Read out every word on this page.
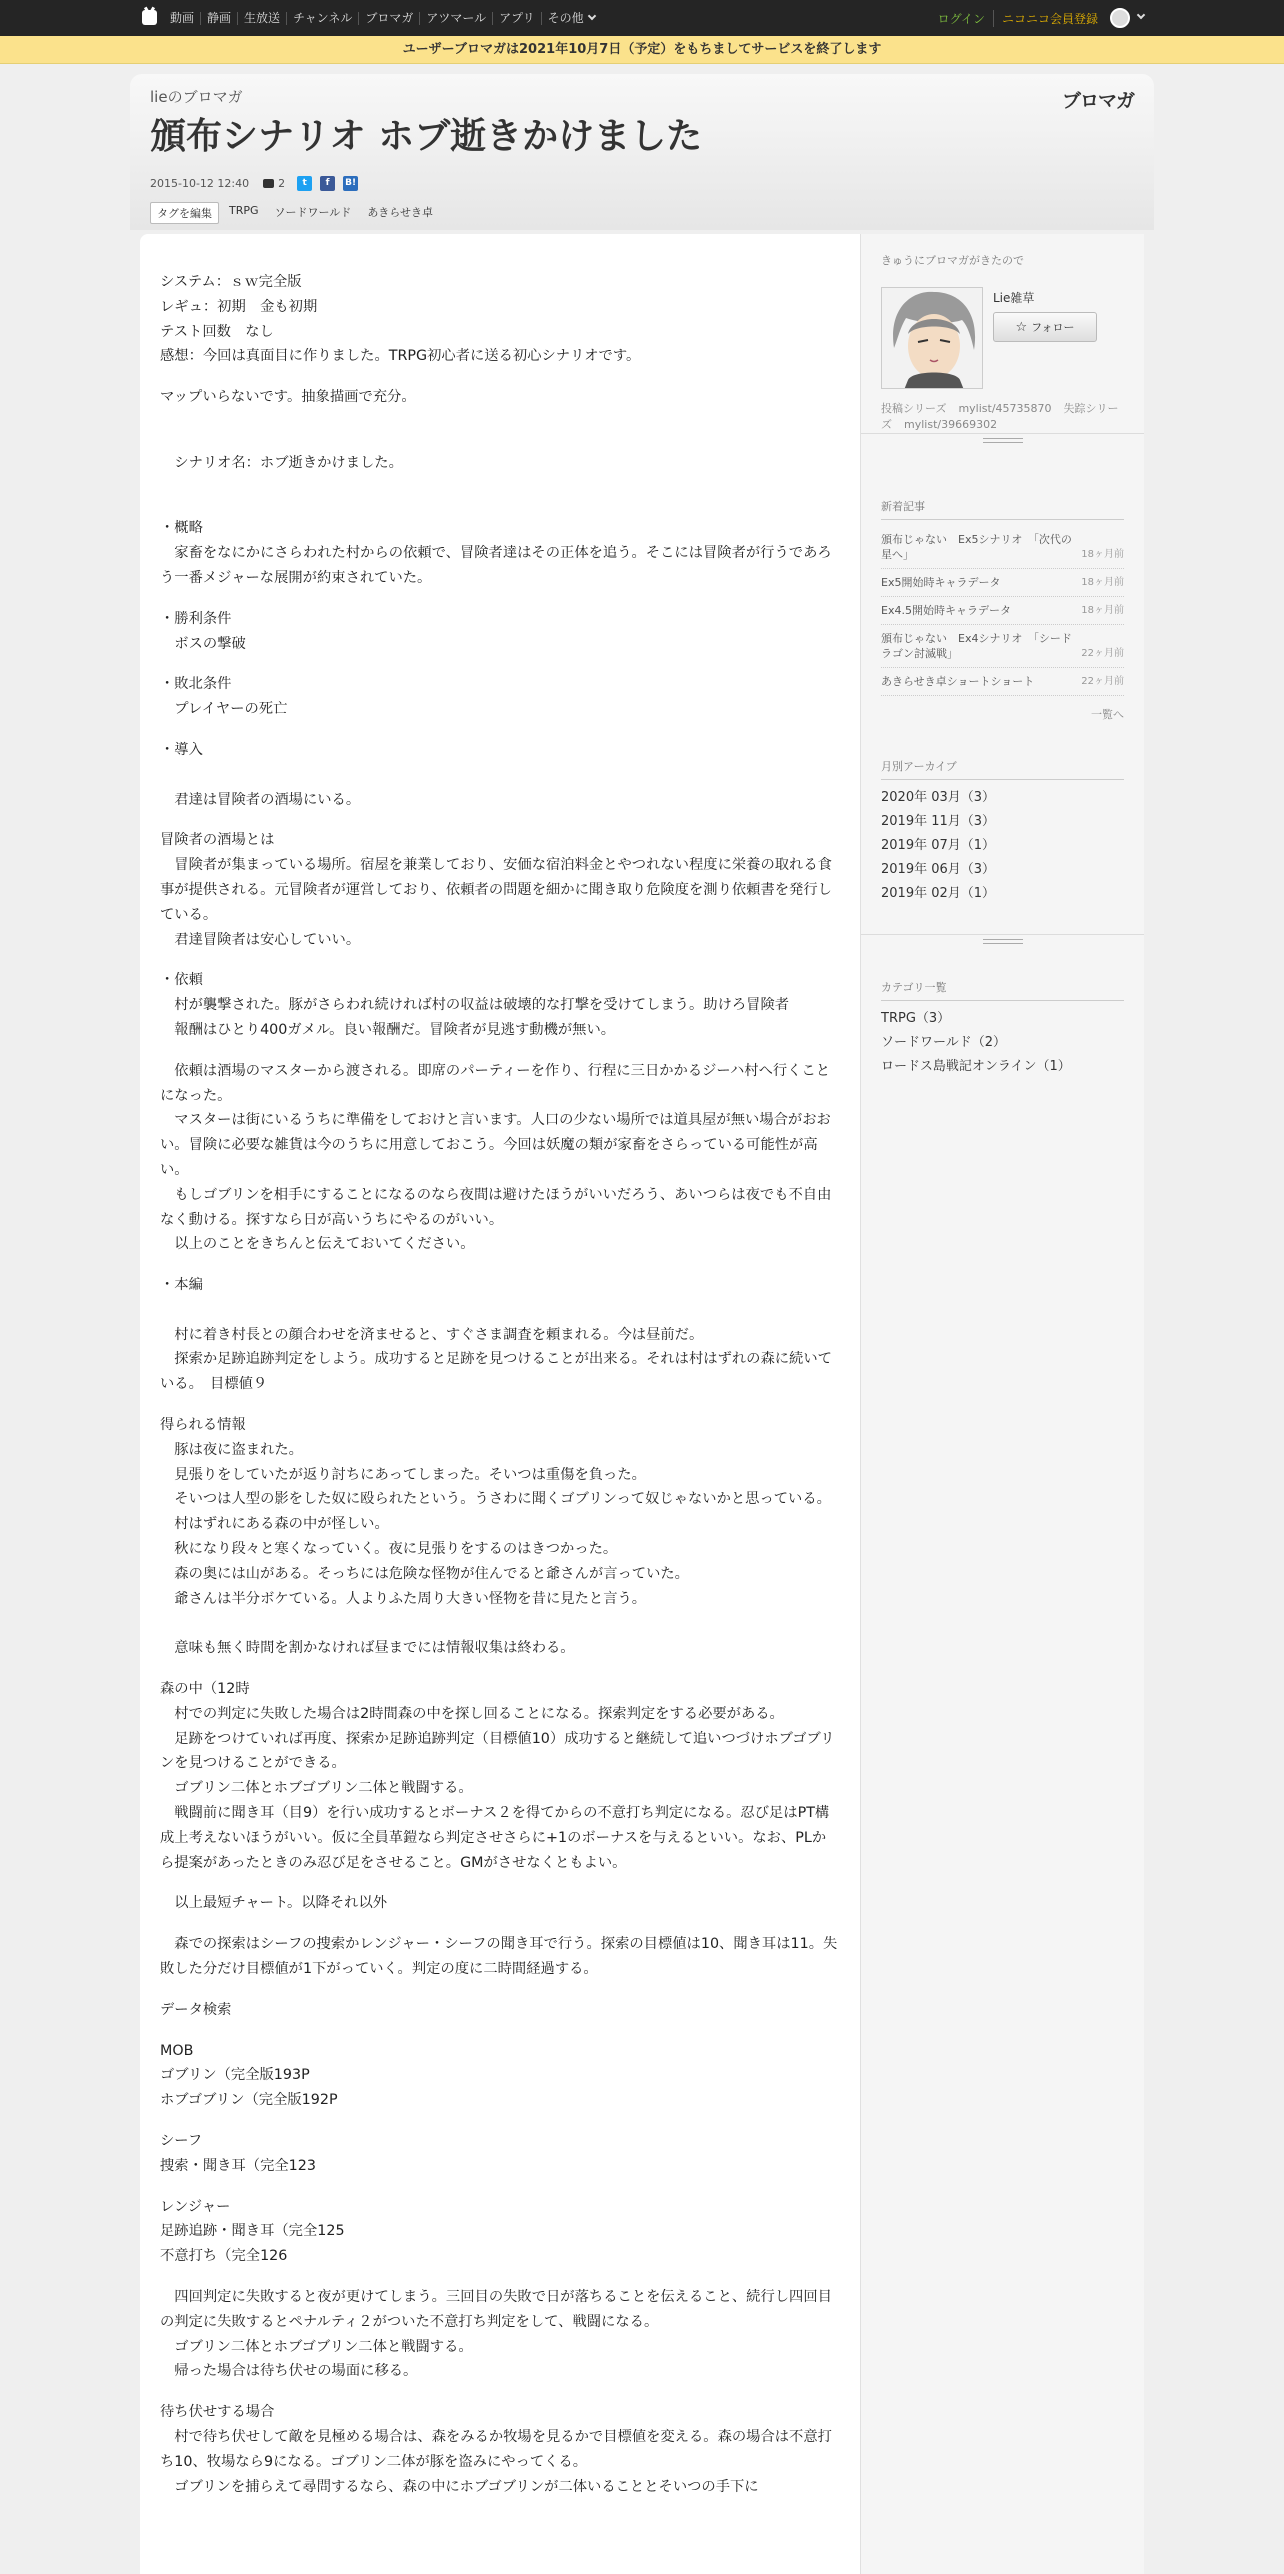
動画	静画	生放送	チャンネル	ブロマガ	アツマール	アプリ	その他	ログイン	ニコニコ会員登録
ユーザーブロマガは2021年10月7日（予定）をもちましてサービスを終了します
lieのブロマガ	ブロマガ
頒布シナリオ ホブ逝きかけました
2015-10-12 12:40	2	t	f	B!
タグを編集	TRPG	ソードワールド	あきらせき卓

システム：ｓｗ完全版
レギュ：初期　金も初期
テスト回数　なし
感想：今回は真面目に作りました。TRPG初心者に送る初心シナリオです。

マップいらないです。抽象描画で充分。

　シナリオ名：ホブ逝きかけました。

・概略
　家畜をなにかにさらわれた村からの依頼で、冒険者達はその正体を追う。そこには冒険者が行うであろう一番メジャーな展開が約束されていた。

・勝利条件
　ボスの撃破

・敗北条件
　プレイヤーの死亡

・導入

　君達は冒険者の酒場にいる。

冒険者の酒場とは
　冒険者が集まっている場所。宿屋を兼業しており、安価な宿泊料金とやつれない程度に栄養の取れる食事が提供される。元冒険者が運営しており、依頼者の問題を細かに聞き取り危険度を測り依頼書を発行している。
　君達冒険者は安心していい。

・依頼
　村が襲撃された。豚がさらわれ続ければ村の収益は破壊的な打撃を受けてしまう。助けろ冒険者
　報酬はひとり400ガメル。良い報酬だ。冒険者が見逃す動機が無い。

　依頼は酒場のマスターから渡される。即席のパーティーを作り、行程に三日かかるジーハ村へ行くことになった。
　マスターは街にいるうちに準備をしておけと言います。人口の少ない場所では道具屋が無い場合がおおい。冒険に必要な雑貨は今のうちに用意しておこう。今回は妖魔の類が家畜をさらっている可能性が高い。
　もしゴブリンを相手にすることになるのなら夜間は避けたほうがいいだろう、あいつらは夜でも不自由なく動ける。探すなら日が高いうちにやるのがいい。
　以上のことをきちんと伝えておいてください。

・本編

　村に着き村長との顔合わせを済ませると、すぐさま調査を頼まれる。今は昼前だ。
　探索か足跡追跡判定をしよう。成功すると足跡を見つけることが出来る。それは村はずれの森に続いている。　目標値９

得られる情報
　豚は夜に盗まれた。
　見張りをしていたが返り討ちにあってしまった。そいつは重傷を負った。
　そいつは人型の影をした奴に殴られたという。うさわに聞くゴブリンって奴じゃないかと思っている。
　村はずれにある森の中が怪しい。
　秋になり段々と寒くなっていく。夜に見張りをするのはきつかった。
　森の奥には山がある。そっちには危険な怪物が住んでると爺さんが言っていた。
　爺さんは半分ボケている。人よりふた周り大きい怪物を昔に見たと言う。

　意味も無く時間を割かなければ昼までには情報収集は終わる。

森の中（12時
　村での判定に失敗した場合は2時間森の中を探し回ることになる。探索判定をする必要がある。
　足跡をつけていれば再度、探索か足跡追跡判定（目標値10）成功すると継続して追いつづけホブゴブリンを見つけることができる。
　ゴブリン二体とホブゴブリン二体と戦闘する。
　戦闘前に聞き耳（目9）を行い成功するとボーナス２を得てからの不意打ち判定になる。忍び足はPT構成上考えないほうがいい。仮に全員革鎧なら判定させさらに+1のボーナスを与えるといい。なお、PLから提案があったときのみ忍び足をさせること。GMがさせなくともよい。

　以上最短チャート。以降それ以外

　森での探索はシーフの捜索かレンジャー・シーフの聞き耳で行う。探索の目標値は10、聞き耳は11。失敗した分だけ目標値が1下がっていく。判定の度に二時間経過する。

データ検索

MOB
ゴブリン（完全版193P
ホブゴブリン（完全版192P

シーフ
捜索・聞き耳（完全123

レンジャー
足跡追跡・聞き耳（完全125
不意打ち（完全126

　四回判定に失敗すると夜が更けてしまう。三回目の失敗で日が落ちることを伝えること、続行し四回目の判定に失敗するとペナルティ２がついた不意打ち判定をして、戦闘になる。
　ゴブリン二体とホブゴブリン二体と戦闘する。
　帰った場合は待ち伏せの場面に移る。

待ち伏せする場合
　村で待ち伏せして敵を見極める場合は、森をみるか牧場を見るかで目標値を変える。森の場合は不意打ち10、牧場なら9になる。ゴブリン二体が豚を盗みにやってくる。
　ゴブリンを捕らえて尋問するなら、森の中にホブゴブリンが二体いることとそいつの手下に

きゅうにブロマガがきたので
Lie雑草
☆ フォロー
投稿シリーズ mylist/45735870 失踪シリーズ mylist/39669302
新着記事
頒布じゃない　Ex5シナリオ　「次代の星へ」	18ヶ月前
Ex5開始時キャラデータ	18ヶ月前
Ex4.5開始時キャラデータ	18ヶ月前
頒布じゃない　Ex4シナリオ　「シードラゴン討滅戦」	22ヶ月前
あきらせき卓ショートショート	22ヶ月前
一覧へ
月別アーカイブ
2020年 03月（3）
2019年 11月（3）
2019年 07月（1）
2019年 06月（3）
2019年 02月（1）
カテゴリ一覧
TRPG（3）
ソードワールド（2）
ロードス島戦記オンライン（1）
